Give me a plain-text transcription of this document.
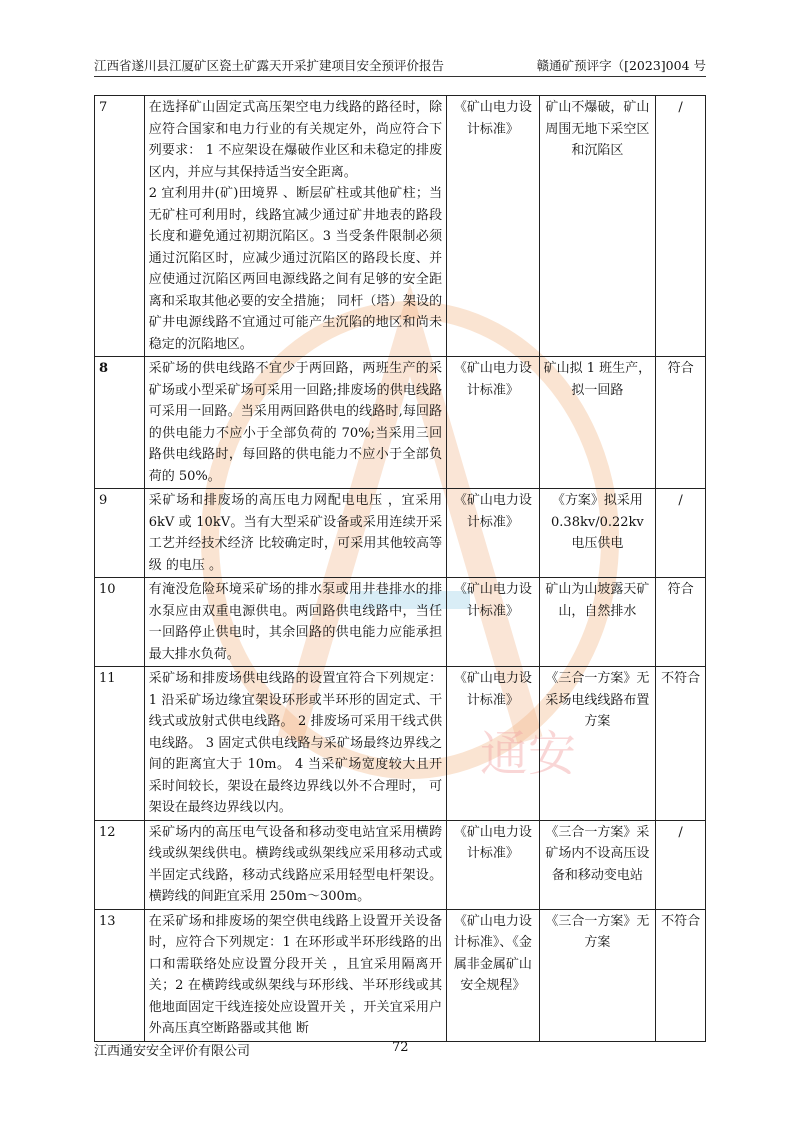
江西省遂川县江厦矿区瓷土矿露天开采扩建项目安全预评价报告	赣通矿预评字（[2023]004 号
通安
7	在选择矿山固定式高压架空电力线路的路径时，除应符合国家和电力行业的有关规定外，尚应符合下列要求： 1 不应架设在爆破作业区和未稳定的排废区内，并应与其保持适当安全距离。

2 宜利用井(矿)田境界 、断层矿柱或其他矿柱；当无矿柱可利用时，线路宜减少通过矿井地表的路段长度和避免通过初期沉陷区。3 当受条件限制必须通过沉陷区时，应减少通过沉陷区的路段长度、并应使通过沉陷区两回电源线路之间有足够的安全距离和采取其他必要的安全措施； 同杆（塔）架设的矿井电源线路不宜通过可能产生沉陷的地区和尚未稳定的沉陷地区。	《矿山电力设计标准》	矿山不爆破，矿山周围无地下采空区和沉陷区	/
8	采矿场的供电线路不宜少于两回路，两班生产的采矿场或小型采矿场可采用一回路;排废场的供电线路可采用一回路。当采用两回路供电的线路时,每回路的供电能力不应小于全部负荷的 70%;当采用三回路供电线路时，每回路的供电能力不应小于全部负荷的 50%。	《矿山电力设计标准》	矿山拟 1 班生产，拟一回路	符合
9	采矿场和排废场的高压电力网配电电压 ，宜采用 6kV 或 10kV。当有大型采矿设备或采用连续开采工艺并经技术经济 比较确定时，可采用其他较高等级 的电压 。	《矿山电力设计标准》	《方案》拟采用 0.38kv/0.22kv 电压供电	/
10	有淹没危险环境采矿场的排水泵或用井巷排水的排水泵应由双重电源供电。两回路供电线路中，当任一回路停止供电时，其余回路的供电能力应能承担最大排水负荷。	《矿山电力设计标准》	矿山为山坡露天矿山，自然排水	符合
11	采矿场和排废场供电线路的设置宜符合下列规定： 1 沿采矿场边缘宜架设环形或半环形的固定式、干线式或放射式供电线路。 2 排废场可采用干线式供电线路。 3 固定式供电线路与采矿场最终边界线之间的距离宜大于 10m。 4 当采矿场宽度较大且开采时间较长，架设在最终边界线以外不合理时， 可架设在最终边界线以内。	《矿山电力设计标准》	《三合一方案》无采场电线线路布置方案	不符合
12	采矿场内的高压电气设备和移动变电站宜采用横跨线或纵架线供电。横跨线或纵架线应采用移动式或半固定式线路，移动式线路应采用轻型电杆架设。 横跨线的间距宜采用 250m～300m。	《矿山电力设计标准》	《三合一方案》采矿场内不设高压设备和移动变电站	/
13	在采矿场和排废场的架空供电线路上设置开关设备时，应符合下列规定：1 在环形或半环形线路的出口和需联络处应设置分段开关 ，且宜采用隔离开关；2 在横跨线或纵架线与环形线、半环形线或其他地面固定干线连接处应设置开关 ，开关宜采用户外高压真空断路器或其他 断	《矿山电力设计标准》、《金属非金属矿山安全规程》	《三合一方案》无方案	不符合
江西通安安全评价有限公司	72
